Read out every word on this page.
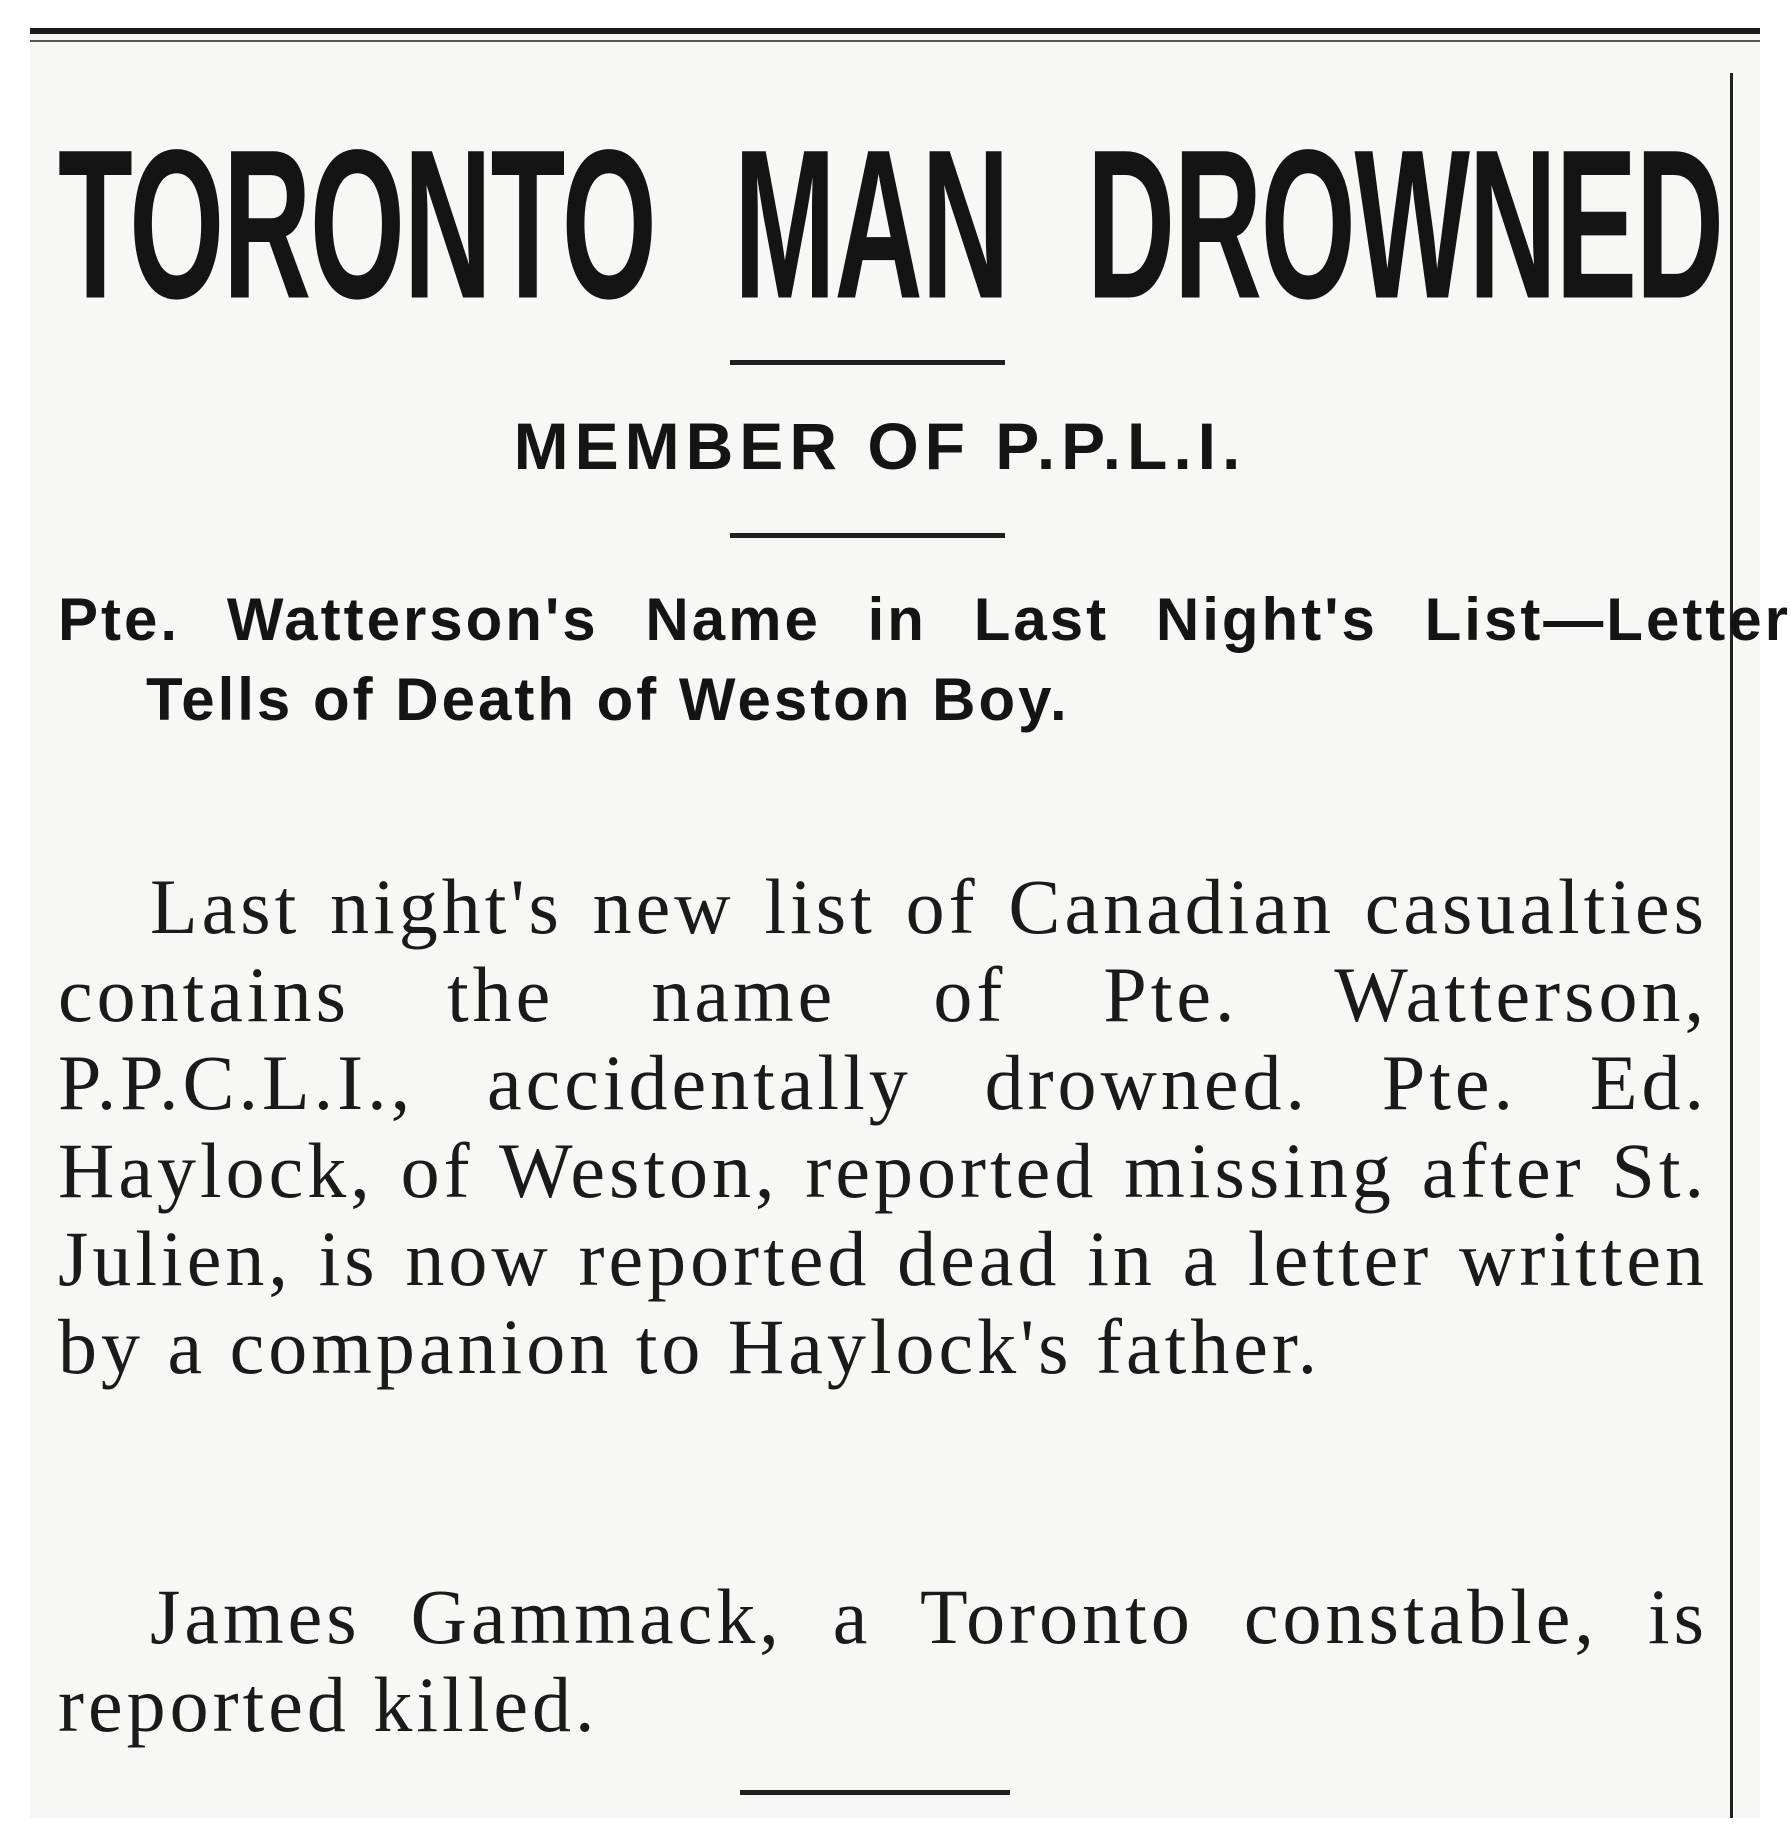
TORONTO MAN DROWNED
MEMBER OF P.P.L.I.

Pte. Watterson's Name in Last Night's List—Letter Tells of Death of Weston Boy.

Last night's new list of Canadian casualties contains the name of Pte. Watterson, P.P.C.L.I., accidentally drowned. Pte. Ed. Haylock, of Weston, reported missing after St. Julien, is now reported dead in a letter written by a companion to Haylock's father.

James Gammack, a Toronto constable, is reported killed.
